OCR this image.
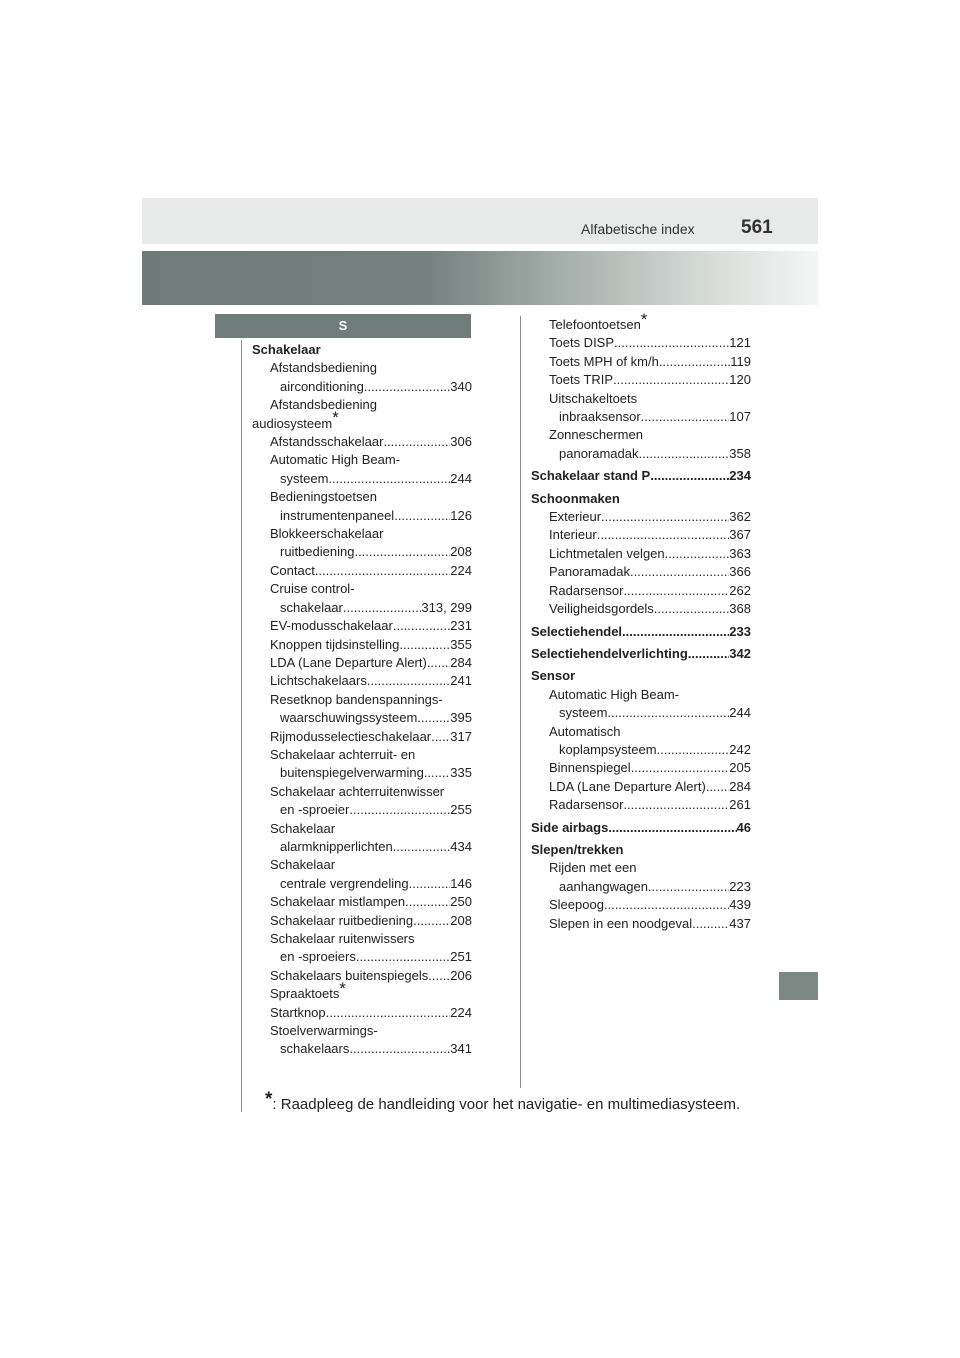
Alfabetische index 561
S
Schakelaar
Afstandsbediening
airconditioning .....	340
Afstandsbediening
audiosysteem*
Afstandsschakelaar .....	306
Automatic High Beam-
systeem .....	244
Bedieningstoetsen
instrumentenpaneel .....	126
Blokkeerschakelaar
ruitbediening .....	208
Contact .....	224
Cruise control-
schakelaar .....	313, 299
EV-modusschakelaar .....	231
Knoppen tijdsinstelling .....	355
LDA (Lane Departure Alert) ..... 284
Lichtschakelaars .....	241
Resetknop bandenspannings-
waarschuwingssysteem .....	395
Rijmodusselectieschakelaar ..... 317
Schakelaar achterruit- en
buitenspiegelverwarming ..... 335
Schakelaar achterruitenwisser
en -sproeier .....	255
Schakelaar
alarmknipperlichten .....	434
Schakelaar
centrale vergrendeling .....	146
Schakelaar mistlampen .....	250
Schakelaar ruitbediening .....	208
Schakelaar ruitenwissers
en -sproeiers .....	251
Schakelaars buitenspiegels ..... 206
Spraaktoets*
Startknop .....	224
Stoelverwarmings-
schakelaars .....	341
Telefoontoetsen*
Toets DISP .....	121
Toets MPH of km/h .....	119
Toets TRIP .....	120
Uitschakeltoets
inbraaksensor .....	107
Zonneschermen
panoramadak .....	358
Schakelaar stand P .....	234
Schoonmaken
Exterieur .....	362
Interieur .....	367
Lichtmetalen velgen .....	363
Panoramadak .....	366
Radarsensor .....	262
Veiligheidsgordels .....	368
Selectiehendel .....	233
Selectiehendelverlichting .....	342
Sensor
Automatic High Beam-
systeem .....	244
Automatisch
koplampsysteem .....	242
Binnenspiegel .....	205
LDA (Lane Departure Alert) ..... 284
Radarsensor .....	261
Side airbags .....	46
Slepen/trekken
Rijden met een
aanhangwagen .....	223
Sleepoog .....	439
Slepen in een noodgeval .....	437
*: Raadpleeg de handleiding voor het navigatie- en multimediasysteem.
